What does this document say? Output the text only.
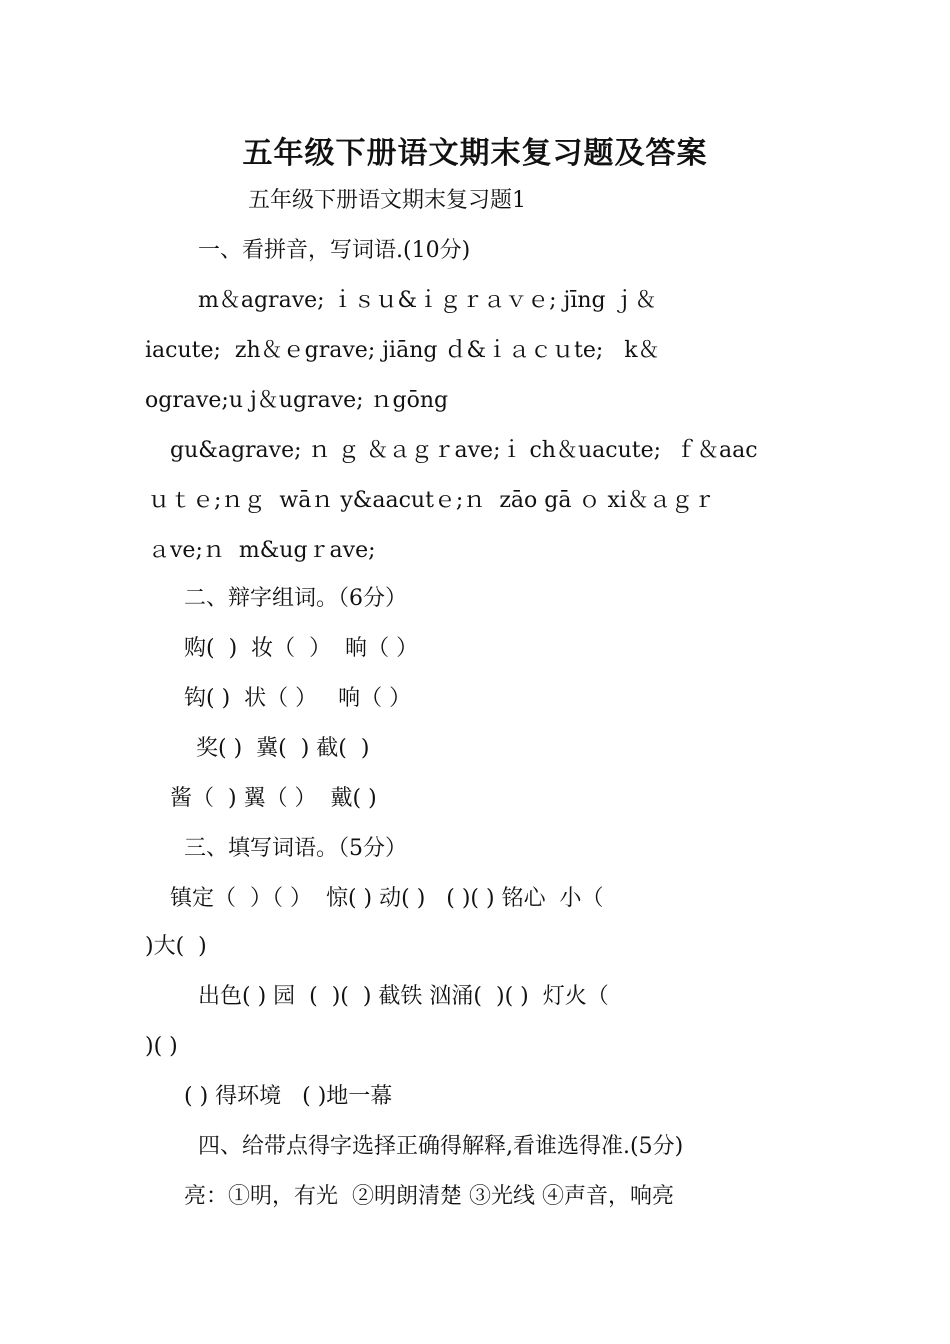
五年级下册语文期末复习题及答案
五年级下册语文期末复习题1
一、看拼音，写词语.(10分)
m＆agrave; ｉｓｕ&ｉｇｒａｖｅ; jīng ｊ＆
iacute;  zh＆ｅgrave; jiāng ｄ&ｉａｃｕte;   k＆
ograve;u j＆ugrave; ｎgōng
gu&agrave; ｎ ｇ ＆ａｇｒave;ｉ ch＆uacute;  ｆ＆aac
ｕｔｅ;ｎｇ  wāｎ y&aacutｅ;ｎ  zāo gā ｏ xi＆ａｇｒ
ａve;ｎ  m&ugｒave;
二、辩字组词。（6分）
购(  )  妆（  ）  晌（ ）
钩( )  状（ ）   响（ ）
奖( )  冀(  ) 截(  )
酱（  ) 翼（ ）  戴( )
三、填写词语。（5分）
镇定（  ）（ ）  惊( ) 动( )   ( )( ) 铭心  小（
)大(  )
出色( ) 园  (  )(  ) 截铁 汹涌(  )( )  灯火（
)( )
( ) 得环境   ( )地一幕
四、给带点得字选择正确得解释,看谁选得准.(5分)
亮：①明，有光  ②明朗清楚 ③光线 ④声音，响亮
